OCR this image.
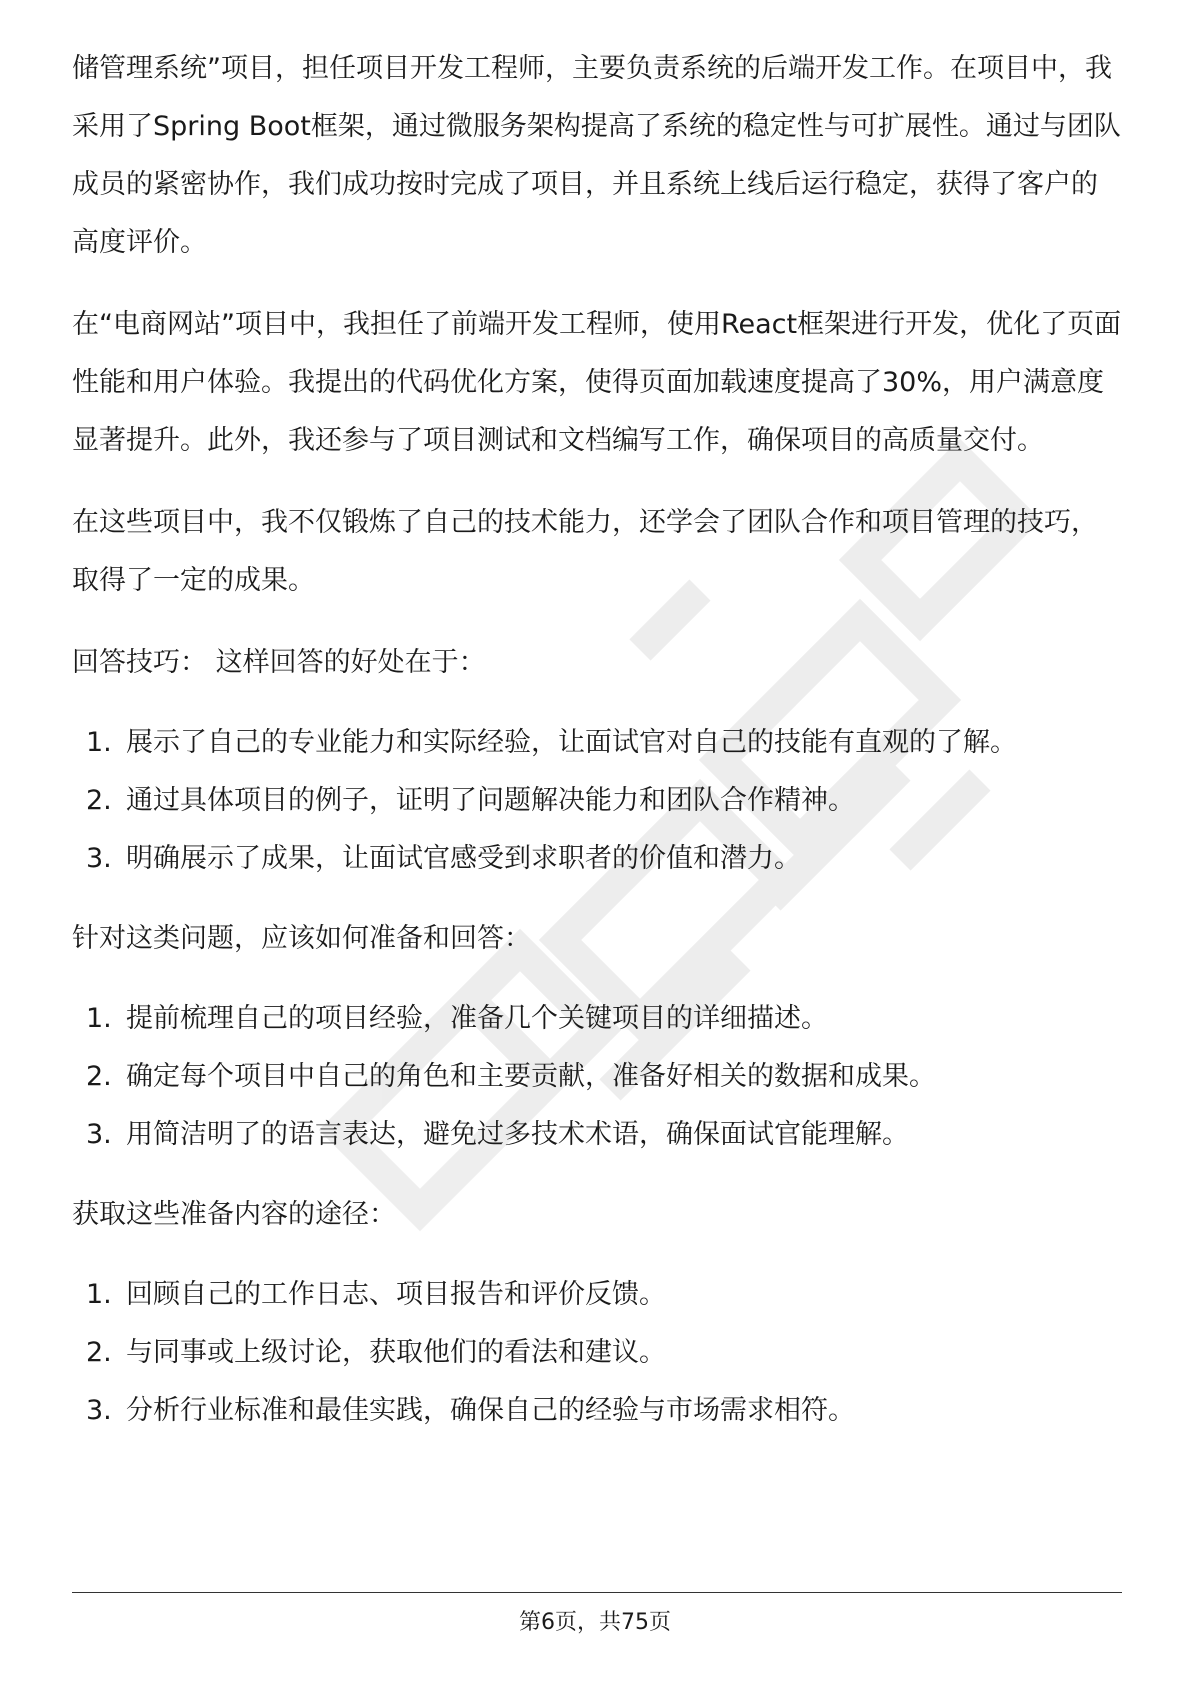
储管理系统”项目，担任项目开发工程师，主要负责系统的后端开发工作。在项目中，我采用了Spring Boot框架，通过微服务架构提高了系统的稳定性与可扩展性。通过与团队成员的紧密协作，我们成功按时完成了项目，并且系统上线后运行稳定，获得了客户的高度评价。

在“电商网站”项目中，我担任了前端开发工程师，使用React框架进行开发，优化了页面性能和用户体验。我提出的代码优化方案，使得页面加载速度提高了30%，用户满意度显著提升。此外，我还参与了项目测试和文档编写工作，确保项目的高质量交付。

在这些项目中，我不仅锻炼了自己的技术能力，还学会了团队合作和项目管理的技巧，取得了一定的成果。

回答技巧： 这样回答的好处在于：

1. 展示了自己的专业能力和实际经验，让面试官对自己的技能有直观的了解。
2. 通过具体项目的例子，证明了问题解决能力和团队合作精神。
3. 明确展示了成果，让面试官感受到求职者的价值和潜力。

针对这类问题，应该如何准备和回答：

1. 提前梳理自己的项目经验，准备几个关键项目的详细描述。
2. 确定每个项目中自己的角色和主要贡献，准备好相关的数据和成果。
3. 用简洁明了的语言表达，避免过多技术术语，确保面试官能理解。

获取这些准备内容的途径：

1. 回顾自己的工作日志、项目报告和评价反馈。
2. 与同事或上级讨论，获取他们的看法和建议。
3. 分析行业标准和最佳实践，确保自己的经验与市场需求相符。
第6页，共75页
